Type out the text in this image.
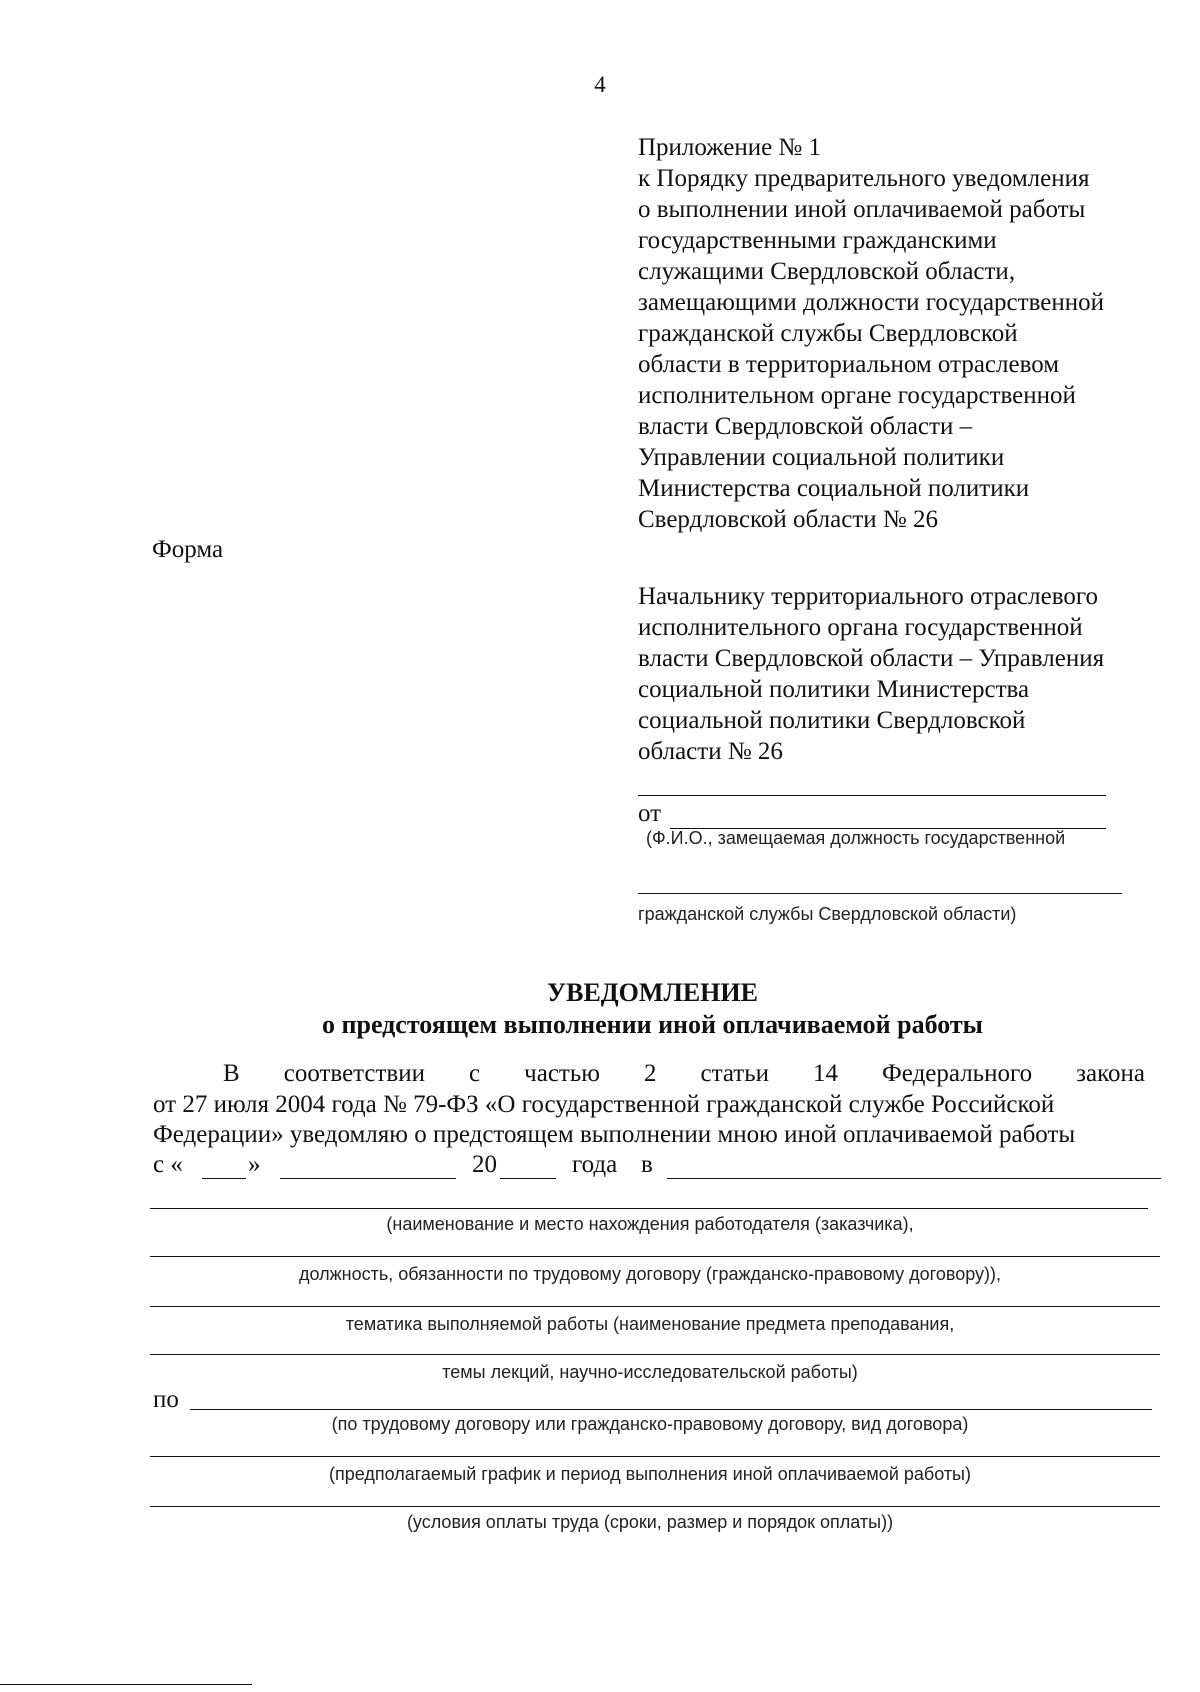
4
Приложение № 1
к Порядку предварительного уведомления
о выполнении иной оплачиваемой работы
государственными гражданскими
служащими Свердловской области,
замещающими должности государственной
гражданской службы Свердловской
области в территориальном отраслевом
исполнительном органе государственной
власти Свердловской области –
Управлении социальной политики
Министерства социальной политики
Свердловской области № 26
Форма
Начальнику территориального отраслевого
исполнительного органа государственной
власти Свердловской области – Управления
социальной политики Министерства
социальной политики Свердловской
области № 26
от
(Ф.И.О., замещаемая должность государственной
гражданской службы Свердловской области)
УВЕДОМЛЕНИЕ
о предстоящем выполнении иной оплачиваемой работы
В соответствии с частью 2 статьи 14 Федерального закона
от 27 июля 2004 года № 79-ФЗ «О государственной гражданской службе Российской
Федерации» уведомляю о предстоящем выполнении мною иной оплачиваемой работы
с «	»	20	года в
(наименование и место нахождения работодателя (заказчика),
должность, обязанности по трудовому договору (гражданско-правовому договору)),
тематика выполняемой работы (наименование предмета преподавания,
темы лекций, научно-исследовательской работы)
по
(по трудовому договору или гражданско-правовому договору, вид договора)
(предполагаемый график и период выполнения иной оплачиваемой работы)
(условия оплаты труда (сроки, размер и порядок оплаты))
